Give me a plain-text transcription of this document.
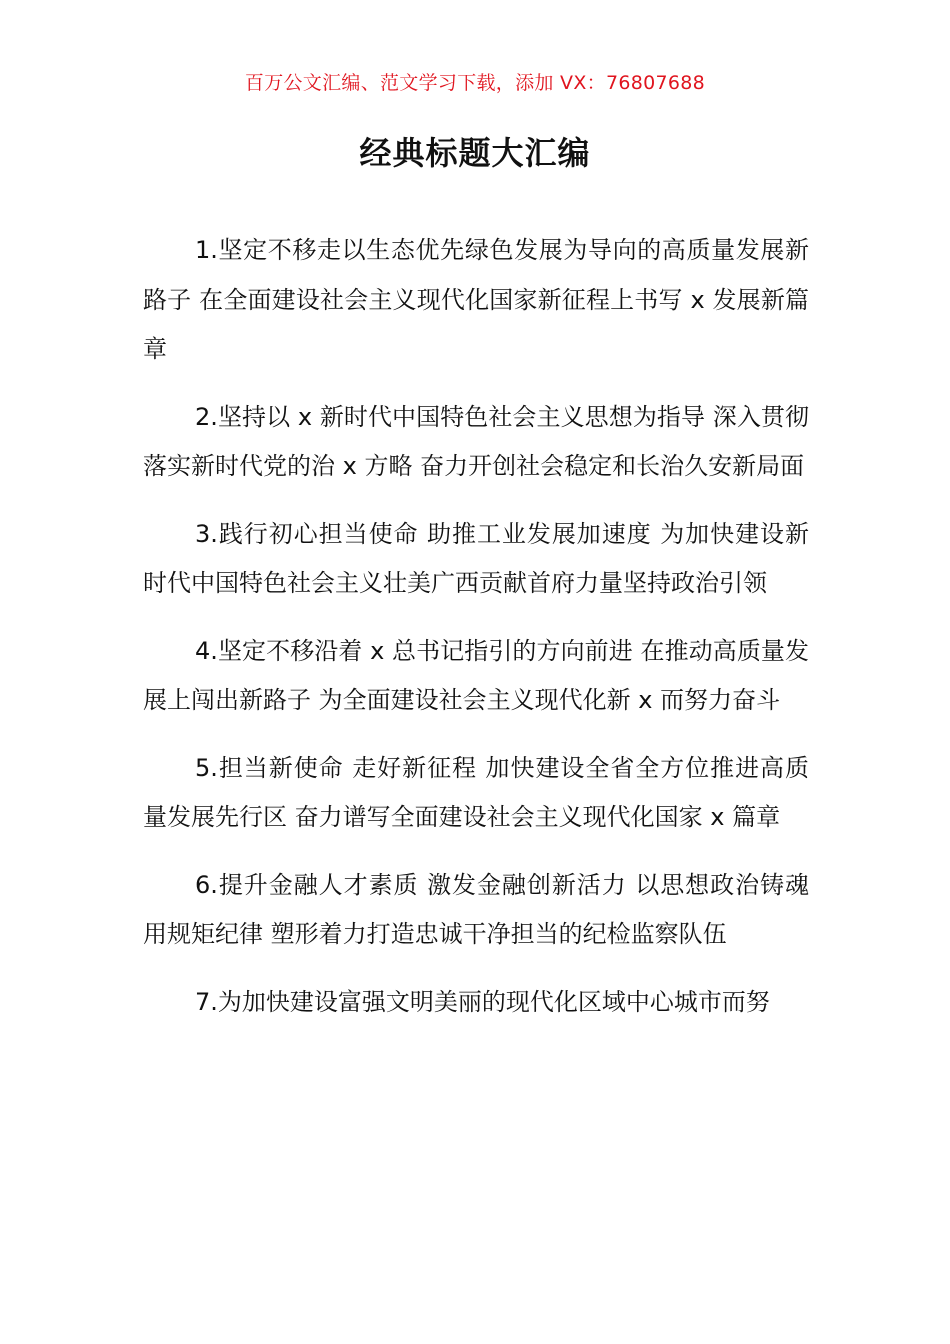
百万公文汇编、范文学习下载，添加 VX：76807688
经典标题大汇编

1.坚定不移走以生态优先绿色发展为导向的高质量发展新路子 在全面建设社会主义现代化国家新征程上书写 x 发展新篇章

2.坚持以 x 新时代中国特色社会主义思想为指导 深入贯彻落实新时代党的治 x 方略 奋力开创社会稳定和长治久安新局面

3.践行初心担当使命 助推工业发展加速度 为加快建设新时代中国特色社会主义壮美广西贡献首府力量坚持政治引领

4.坚定不移沿着 x 总书记指引的方向前进 在推动高质量发展上闯出新路子 为全面建设社会主义现代化新 x 而努力奋斗

5.担当新使命 走好新征程 加快建设全省全方位推进高质量发展先行区 奋力谱写全面建设社会主义现代化国家 x 篇章

6.提升金融人才素质 激发金融创新活力 以思想政治铸魂用规矩纪律 塑形着力打造忠诚干净担当的纪检监察队伍

7.为加快建设富强文明美丽的现代化区域中心城市而努
